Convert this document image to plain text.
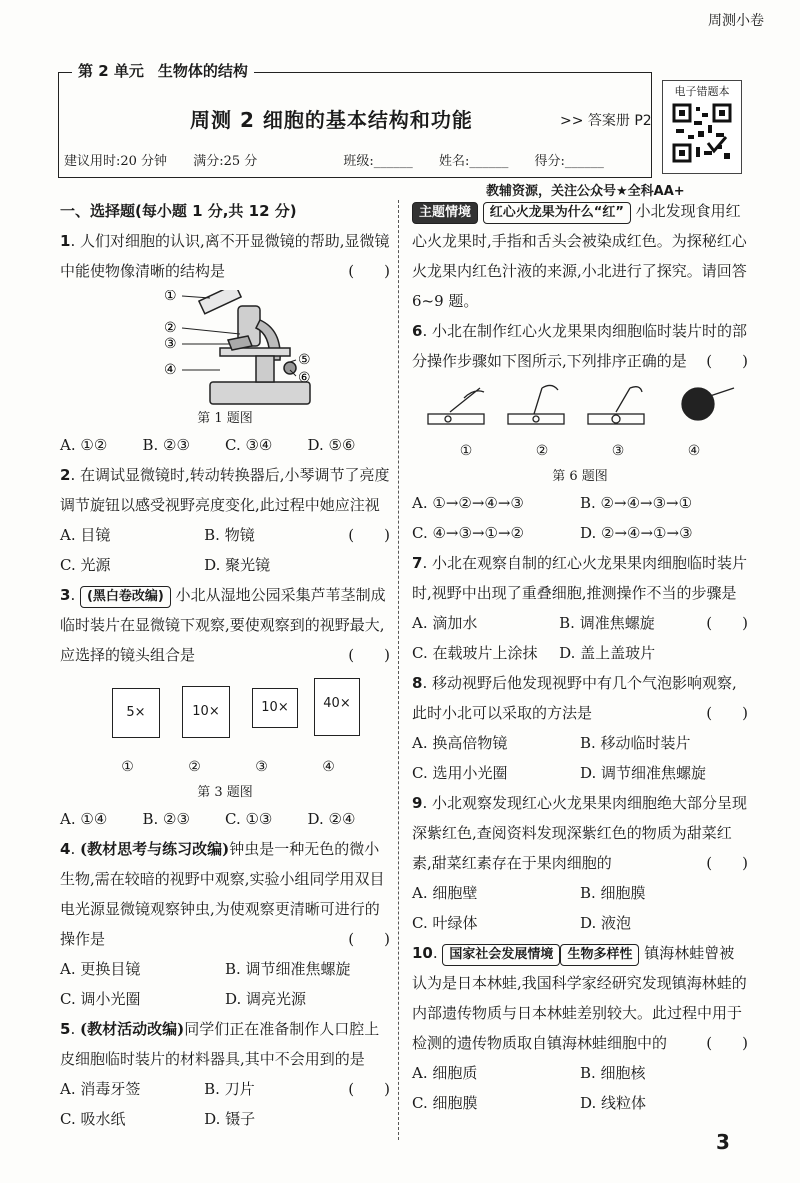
周测小卷
第 2 单元 生物体的结构
周测 2 细胞的基本结构和功能	>> 答案册 P2
建议用时:20 分钟 满分:25 分	班级:______ 姓名:______ 得分:______
电子错题本
教辅资源，关注公众号★全科AA+
一、选择题(每小题 1 分,共 12 分)
1. 人们对细胞的认识,离不开显微镜的帮助,显微镜中能使物像清晰的结构是	(　　)
①
②
③
④
⑤
⑥
第 1 题图
A. ①②	B. ②③	C. ③④	D. ⑤⑥
2. 在调试显微镜时,转动转换器后,小琴调节了亮度调节旋钮以感受视野亮度变化,此过程中她应注视
(　　)
A. 目镜	B. 物镜
C. 光源	D. 聚光镜
3. (黑白卷改编) 小北从湿地公园采集芦苇茎制成临时装片在显微镜下观察,要使观察到的视野最大,应选择的镜头组合是	(　　)
5×	10×	10×	40×
①	②	③	④
第 3 题图
A. ①④	B. ②③	C. ①③	D. ②④
4. (教材思考与练习改编)钟虫是一种无色的微小生物,需在较暗的视野中观察,实验小组同学用双目电光源显微镜观察钟虫,为使观察更清晰可进行的操作是	(　　)
A. 更换目镜	B. 调节细准焦螺旋
C. 调小光圈	D. 调亮光源
5. (教材活动改编)同学们正在准备制作人口腔上皮细胞临时装片的材料器具,其中不会用到的是
(　　)
A. 消毒牙签	B. 刀片
C. 吸水纸	D. 镊子
主题情境 红心火龙果为什么“红” 小北发现食用红心火龙果时,手指和舌头会被染成红色。为探秘红心火龙果内红色汁液的来源,小北进行了探究。请回答 6~9 题。
6. 小北在制作红心火龙果果肉细胞临时装片时的部分操作步骤如下图所示,下列排序正确的是 (　　)
①	②	③	④
第 6 题图
A. ①→②→④→③	B. ②→④→③→①
C. ④→③→①→②	D. ②→④→①→③
7. 小北在观察自制的红心火龙果果肉细胞临时装片时,视野中出现了重叠细胞,推测操作不当的步骤是
(　　)
A. 滴加水	B. 调准焦螺旋
C. 在载玻片上涂抹	D. 盖上盖玻片
8. 移动视野后他发现视野中有几个气泡影响观察,此时小北可以采取的方法是	(　　)
A. 换高倍物镜	B. 移动临时装片
C. 选用小光圈	D. 调节细准焦螺旋
9. 小北观察发现红心火龙果果肉细胞绝大部分呈现深紫红色,查阅资料发现深紫红色的物质为甜菜红素,甜菜红素存在于果肉细胞的	(　　)
A. 细胞壁	B. 细胞膜
C. 叶绿体	D. 液泡
10. 国家社会发展情境 生物多样性 镇海林蛙曾被认为是日本林蛙,我国科学家经研究发现镇海林蛙的内部遗传物质与日本林蛙差别较大。此过程中用于检测的遗传物质取自镇海林蛙细胞中的	(　　)
A. 细胞质	B. 细胞核
C. 细胞膜	D. 线粒体
3
